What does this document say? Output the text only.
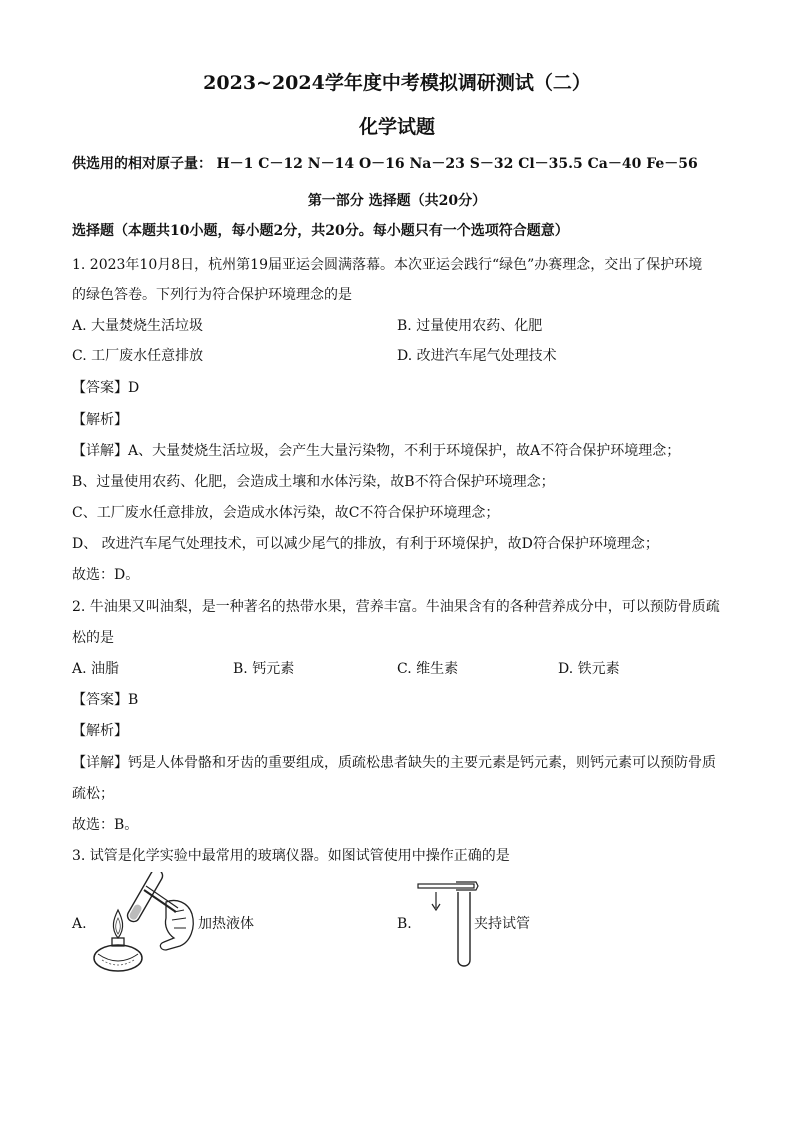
2023~2024学年度中考模拟调研测试（二）
化学试题
供选用的相对原子量： H－1 C－12 N－14 O－16 Na－23 S－32 Cl－35.5 Ca－40 Fe－56
第一部分 选择题（共20分）
选择题（本题共10小题，每小题2分，共20分。每小题只有一个选项符合题意）
1. 2023年10月8日，杭州第19届亚运会圆满落幕。本次亚运会践行“绿色”办赛理念，交出了保护环境
的绿色答卷。下列行为符合保护环境理念的是
A. 大量焚烧生活垃圾	B. 过量使用农药、化肥
C. 工厂废水任意排放	D. 改进汽车尾气处理技术
【答案】D
【解析】
【详解】A、大量焚烧生活垃圾，会产生大量污染物，不利于环境保护，故A不符合保护环境理念；
B、过量使用农药、化肥，会造成土壤和水体污染，故B不符合保护环境理念；
C、工厂废水任意排放，会造成水体污染，故C不符合保护环境理念；
D、 改进汽车尾气处理技术，可以减少尾气的排放，有利于环境保护，故D符合保护环境理念；
故选：D。
2. 牛油果又叫油梨，是一种著名的热带水果，营养丰富。牛油果含有的各种营养成分中，可以预防骨质疏
松的是
A. 油脂	B. 钙元素	C. 维生素	D. 铁元素
【答案】B
【解析】
【详解】钙是人体骨骼和牙齿的重要组成，质疏松患者缺失的主要元素是钙元素，则钙元素可以预防骨质
疏松；
故选：B。
3. 试管是化学实验中最常用的玻璃仪器。如图试管使用中操作正确的是
A.	加热液体	B.	夹持试管
